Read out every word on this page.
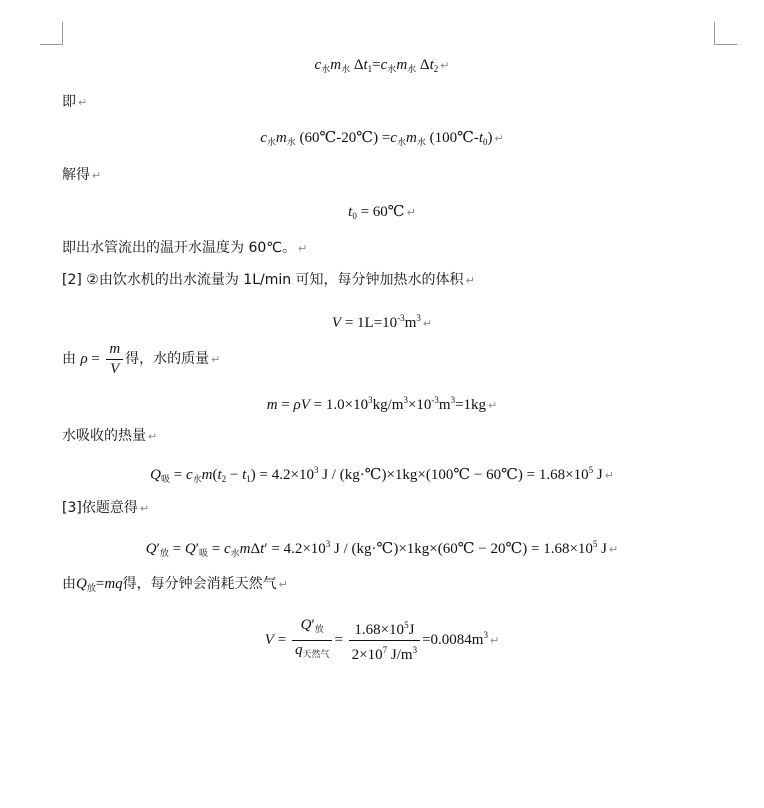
$c_水m_水$ $\Delta t_1=c_水m_水$ $\Delta t_2$ ↵
即 ↵
$c_水m_水$ (60℃-20℃) $=c_水m_水$ $(100℃-t_0)$ ↵
解得 ↵
$t_0$ = 60℃ ↵
即出水管流出的温开水温度为 60℃。 ↵
[2] ②由饮水机的出水流量为 1L/min 可知，每分钟加热水的体积 ↵
$V = 1L=10^{-3}m^3$ ↵
由 $\rho = \frac{m}{V}$ 得，水的质量 ↵
$m = \rho V = 1.0\times 10^3kg/m^3\times 10^{-3}m^3=1kg$ ↵
水吸收的热量 ↵
$Q_吸 = c_水m(t_2 - t_1) = 4.2\times 10^3$ J / (kg·℃)×1kg×(100℃ − 60℃) = $1.68\times 10^5$ J ↵
[3]依题意得 ↵
$Q'_放 = Q'_吸 = c_水m\Delta t' = 4.2\times 10^3$ J / (kg·℃)×1kg×(60℃ − 20℃) = $1.68\times 10^5$ J ↵
由$Q_放=mq$得，每分钟会消耗天然气 ↵
$V = \frac{Q'_放}{q_{天然气}} = \frac{1.68\times 10^5J}{2\times 10^7 J/m^3} =0.0084m^3$ ↵
